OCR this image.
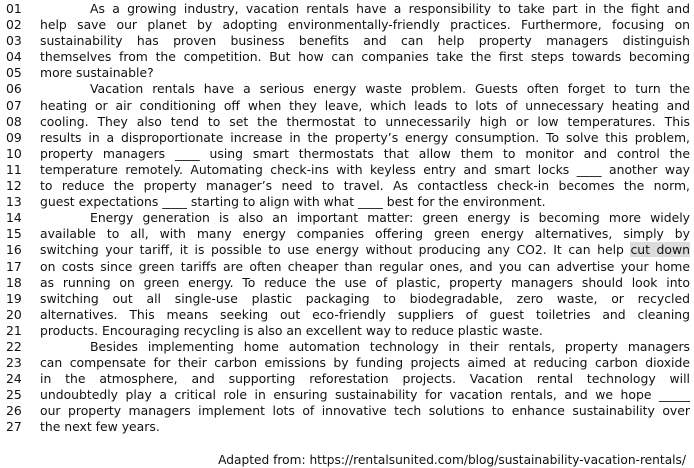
01	As a growing industry, vacation rentals have a responsibility to take part in the fight and
02	help save our planet by adopting environmentally-friendly practices. Furthermore, focusing on
03	sustainability has proven business benefits and can help property managers distinguish
04	themselves from the competition. But how can companies take the first steps towards becoming
05	more sustainable?
06	Vacation rentals have a serious energy waste problem. Guests often forget to turn the
07	heating or air conditioning off when they leave, which leads to lots of unnecessary heating and
08	cooling. They also tend to set the thermostat to unnecessarily high or low temperatures. This
09	results in a disproportionate increase in the property’s energy consumption. To solve this problem,
10	property managers ____ using smart thermostats that allow them to monitor and control the
11	temperature remotely. Automating check-ins with keyless entry and smart locks ____ another way
12	to reduce the property manager’s need to travel. As contactless check-in becomes the norm,
13	guest expectations ____ starting to align with what ____ best for the environment.
14	Energy generation is also an important matter: green energy is becoming more widely
15	available to all, with many energy companies offering green energy alternatives, simply by
16	switching your tariff, it is possible to use energy without producing any CO2. It can help cut down
17	on costs since green tariffs are often cheaper than regular ones, and you can advertise your home
18	as running on green energy. To reduce the use of plastic, property managers should look into
19	switching out all single-use plastic packaging to biodegradable, zero waste, or recycled
20	alternatives. This means seeking out eco-friendly suppliers of guest toiletries and cleaning
21	products. Encouraging recycling is also an excellent way to reduce plastic waste.
22	Besides implementing home automation technology in their rentals, property managers
23	can compensate for their carbon emissions by funding projects aimed at reducing carbon dioxide
24	in the atmosphere, and supporting reforestation projects. Vacation rental technology will
25	undoubtedly play a critical role in ensuring sustainability for vacation rentals, and we hope _____
26	our property managers implement lots of innovative tech solutions to enhance sustainability over
27	the next few years.
Adapted from: https://rentalsunited.com/blog/sustainability-vacation-rentals/
